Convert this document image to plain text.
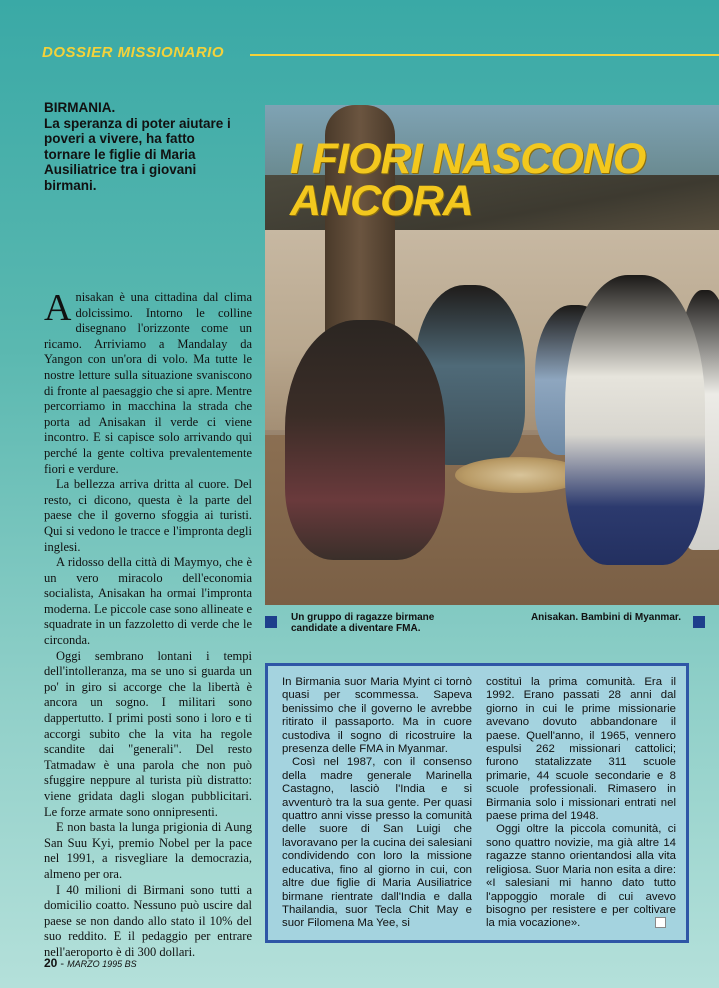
DOSSIER MISSIONARIO
BIRMANIA.
La speranza di poter aiutare i poveri a vivere, ha fatto tornare le figlie di Maria Ausiliatrice tra i giovani birmani.
I FIORI NASCONO
ANCORA
Un gruppo di ragazze birmane candidate a diventare FMA.
Anisakan. Bambini di Myanmar.

Anisakan è una cittadina dal clima dolcissimo. Intorno le colline disegnano l'orizzonte come un ricamo. Arriviamo a Mandalay da Yangon con un'ora di volo. Ma tutte le nostre letture sulla situazione svaniscono di fronte al paesaggio che si apre. Mentre percorriamo in macchina la strada che porta ad Anisakan il verde ci viene incontro. E si capisce solo arrivando qui perché la gente coltiva prevalentemente fiori e verdure.

La bellezza arriva dritta al cuore. Del resto, ci dicono, questa è la parte del paese che il governo sfoggia ai turisti. Qui si vedono le tracce e l'impronta degli inglesi.

A ridosso della città di Maymyo, che è un vero miracolo dell'economia socialista, Anisakan ha ormai l'impronta moderna. Le piccole case sono allineate e squadrate in un fazzoletto di verde che le circonda.

Oggi sembrano lontani i tempi dell'intolleranza, ma se uno si guarda un po' in giro si accorge che la libertà è ancora un sogno. I militari sono dappertutto. I primi posti sono i loro e ti accorgi subito che la vita ha regole scandite dai "generali". Del resto Tatmadaw è una parola che non può sfuggire neppure al turista più distratto: viene gridata dagli slogan pubblicitari. Le forze armate sono onnipresenti.

E non basta la lunga prigionia di Aung San Suu Kyi, premio Nobel per la pace nel 1991, a risvegliare la democrazia, almeno per ora.

I 40 milioni di Birmani sono tutti a domicilio coatto. Nessuno può uscire dal paese se non dando allo stato il 10% del suo reddito. E il pedaggio per entrare nell'aeroporto è di 300 dollari.

In Birmania suor Maria Myint ci tornò quasi per scommessa. Sapeva benissimo che il governo le avrebbe ritirato il passaporto. Ma in cuore custodiva il sogno di ricostruire la presenza delle FMA in Myanmar.

Così nel 1987, con il consenso della madre generale Marinella Castagno, lasciò l'India e si avventurò tra la sua gente. Per quasi quattro anni visse presso la comunità delle suore di San Luigi che lavoravano per la cucina dei salesiani condividendo con loro la missione educativa, fino al giorno in cui, con altre due figlie di Maria Ausiliatrice birmane rientrate dall'India e dalla Thailandia, suor Tecla Chit May e suor Filomena Ma Yee, si

costituì la prima comunità. Era il 1992. Erano passati 28 anni dal giorno in cui le prime missionarie avevano dovuto abbandonare il paese. Quell'anno, il 1965, vennero espulsi 262 missionari cattolici; furono statalizzate 311 scuole primarie, 44 scuole secondarie e 8 scuole professionali. Rimasero in Birmania solo i missionari entrati nel paese prima del 1948.

Oggi oltre la piccola comunità, ci sono quattro novizie, ma già altre 14 ragazze stanno orientandosi alla vita religiosa. Suor Maria non esita a dire: «I salesiani mi hanno dato tutto l'appoggio morale di cui avevo bisogno per resistere e per coltivare la mia vocazione».

20 - MARZO 1995 BS
